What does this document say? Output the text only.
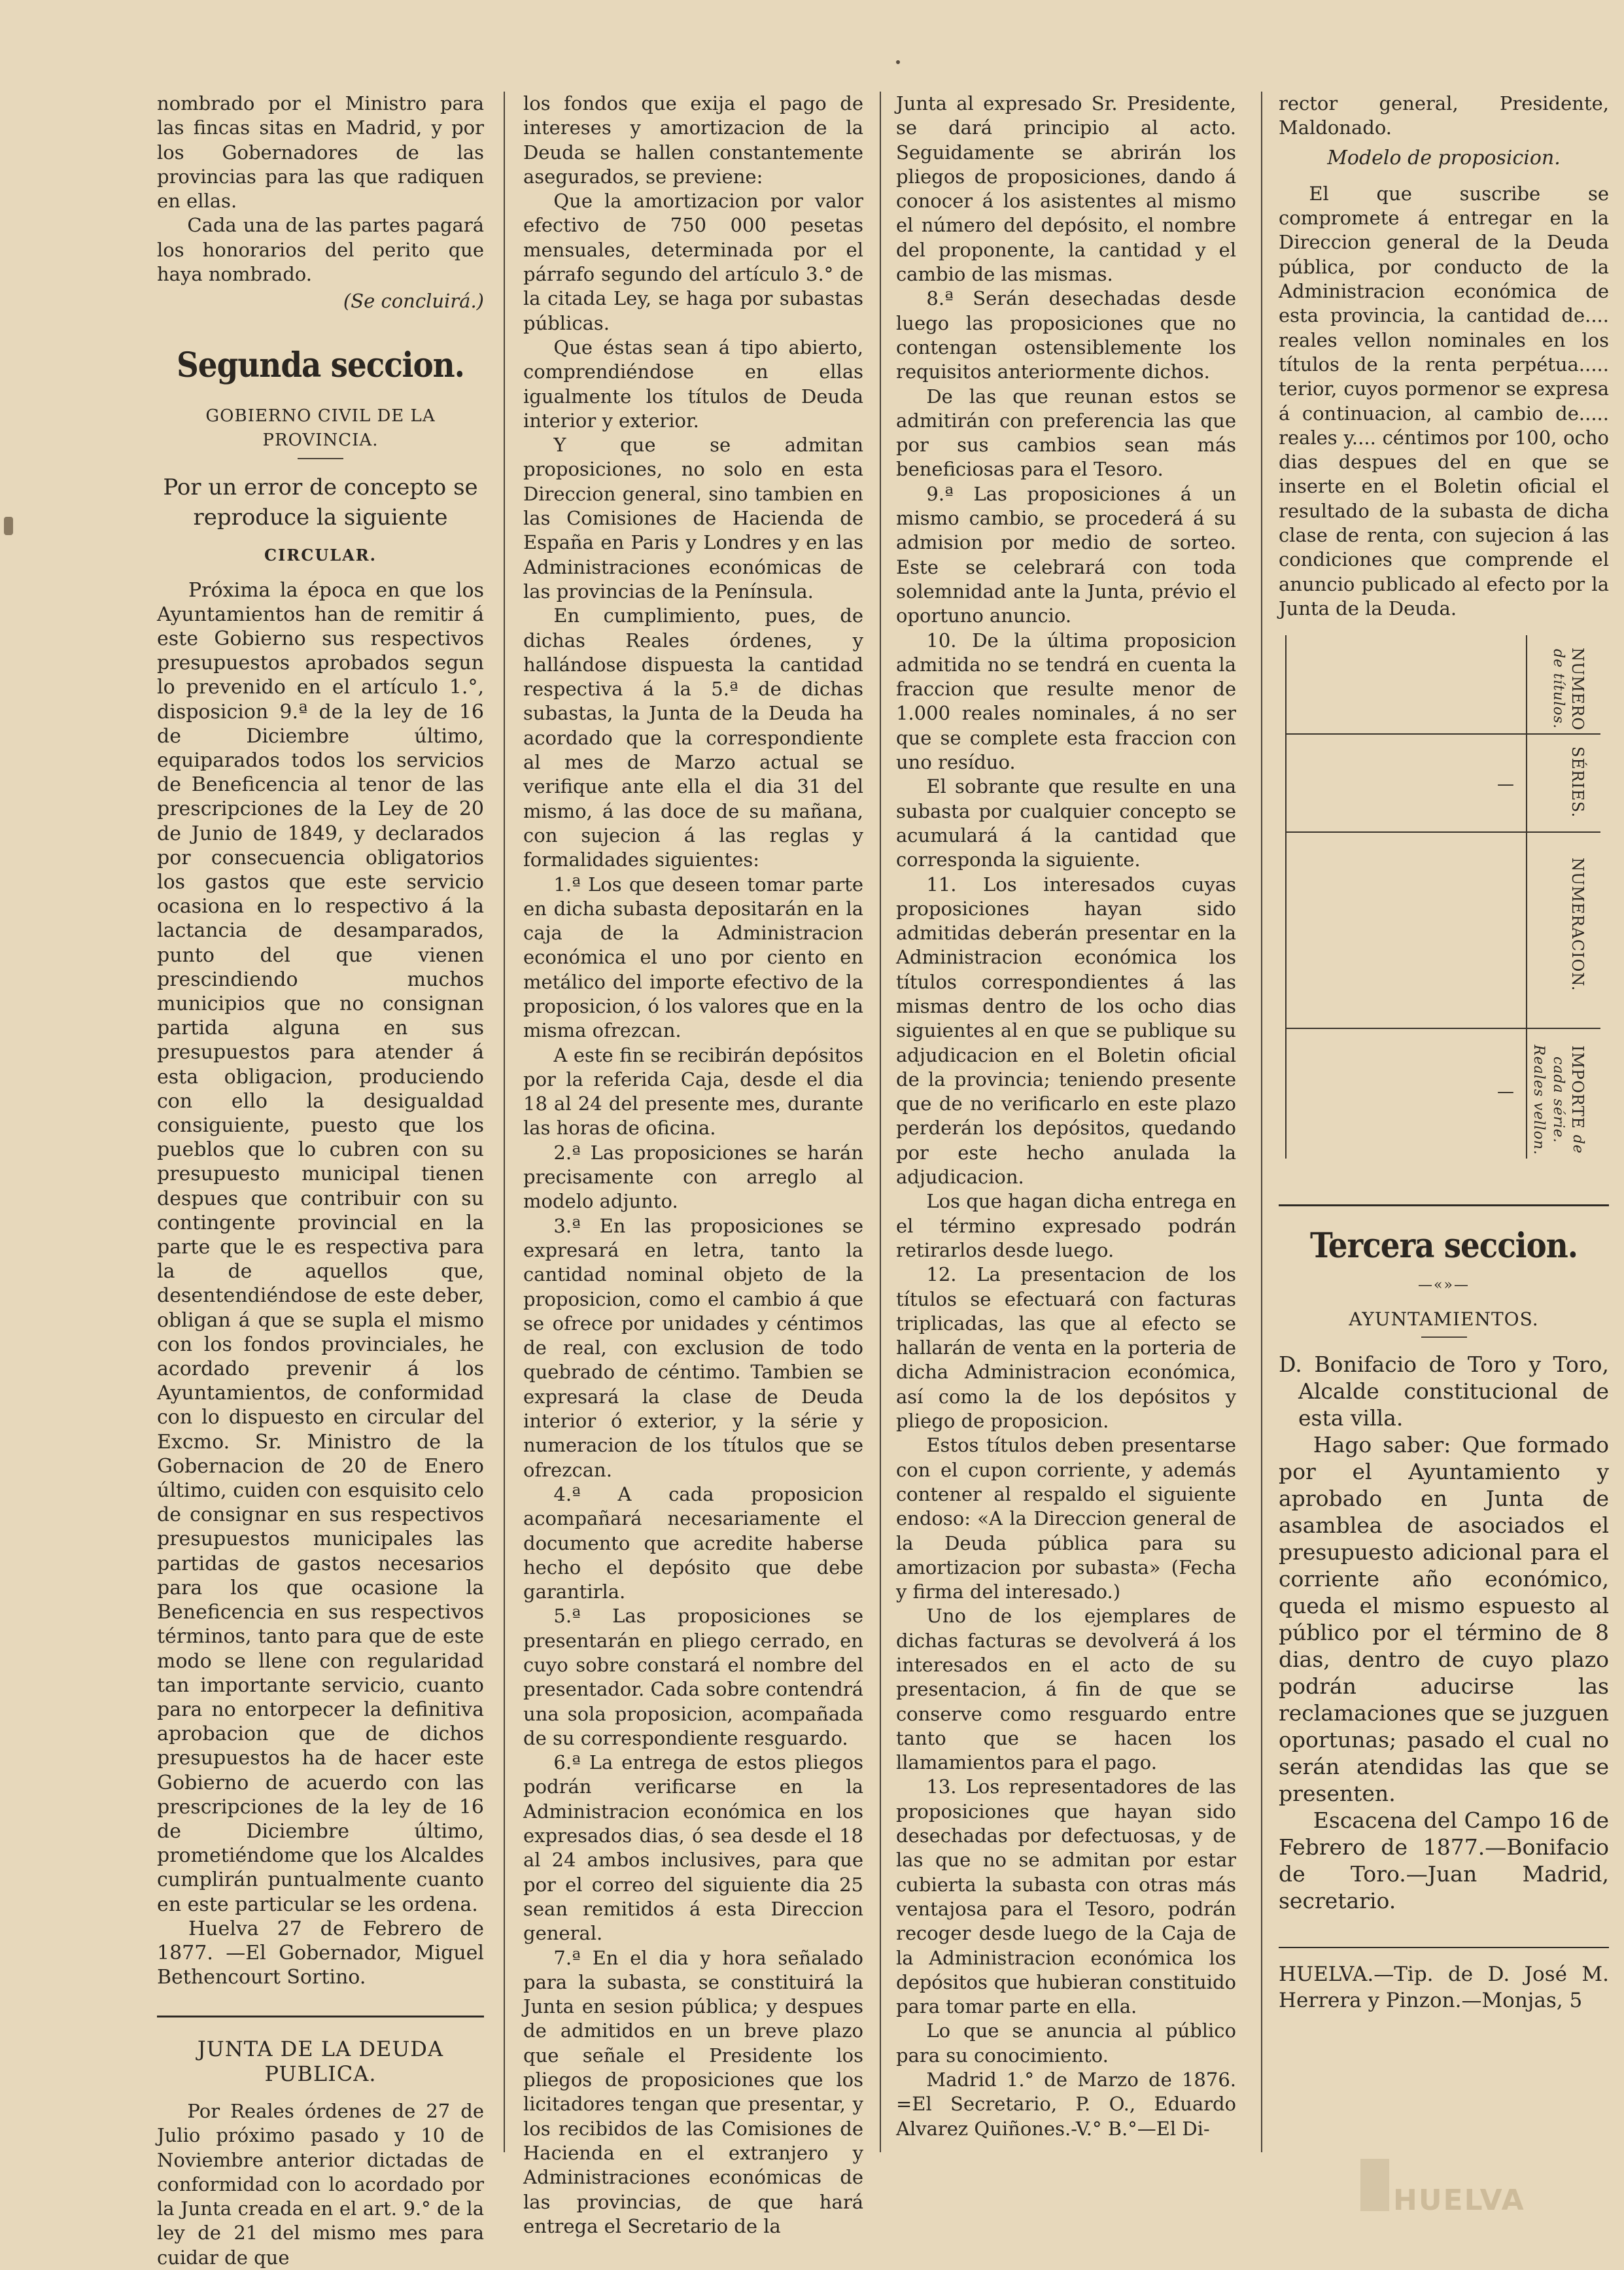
nombrado por el Ministro para las fincas sitas en Madrid, y por los Gobernadores de las provincias para las que radiquen en ellas.

Cada una de las partes pagará los honorarios del perito que haya nombrado.

(Se concluirá.)
Segunda seccion.
GOBIERNO CIVIL DE LA PROVINCIA.
Por un error de concepto se reproduce la siguiente
CIRCULAR.

Próxima la época en que los Ayuntamientos han de remitir á este Gobierno sus respectivos presupuestos aprobados segun lo prevenido en el artículo 1.°, disposicion 9.ª de la ley de 16 de Diciembre último, equiparados todos los servicios de Beneficencia al tenor de las prescripciones de la Ley de 20 de Junio de 1849, y declarados por consecuencia obligatorios los gastos que este servicio ocasiona en lo respectivo á la lactancia de desamparados, punto del que vienen prescindiendo muchos municipios que no consignan partida alguna en sus presupuestos para atender á esta obligacion, produciendo con ello la desigualdad consiguiente, puesto que los pueblos que lo cubren con su presupuesto municipal tienen despues que contribuir con su contingente provincial en la parte que le es respectiva para la de aquellos que, desentendiéndose de este deber, obligan á que se supla el mismo con los fondos provinciales, he acordado prevenir á los Ayuntamientos, de conformidad con lo dispuesto en circular del Excmo. Sr. Ministro de la Gobernacion de 20 de Enero último, cuiden con esquisito celo de consignar en sus respectivos presupuestos municipales las partidas de gastos necesarios para los que ocasione la Beneficencia en sus respectivos términos, tanto para que de este modo se llene con regularidad tan importante servicio, cuanto para no entorpecer la definitiva aprobacion que de dichos presupuestos ha de hacer este Gobierno de acuerdo con las prescripciones de la ley de 16 de Diciembre último, prometiéndome que los Alcaldes cumplirán puntualmente cuanto en este particular se les ordena.

Huelva 27 de Febrero de 1877. —El Gobernador, Miguel Bethencourt Sortino.

JUNTA DE LA DEUDA PUBLICA.

Por Reales órdenes de 27 de Julio próximo pasado y 10 de Noviembre anterior dictadas de conformidad con lo acordado por la Junta creada en el art. 9.° de la ley de 21 del mismo mes para cuidar de que

los fondos que exija el pago de intereses y amortizacion de la Deuda se hallen constantemente asegurados, se previene:

Que la amortizacion por valor efectivo de 750 000 pesetas mensuales, determinada por el párrafo segundo del artículo 3.° de la citada Ley, se haga por subastas públicas.

Que éstas sean á tipo abierto, comprendiéndose en ellas igualmente los títulos de Deuda interior y exterior.

Y que se admitan proposiciones, no solo en esta Direccion general, sino tambien en las Comisiones de Hacienda de España en Paris y Londres y en las Administraciones económicas de las provincias de la Península.

En cumplimiento, pues, de dichas Reales órdenes, y hallándose dispuesta la cantidad respectiva á la 5.ª de dichas subastas, la Junta de la Deuda ha acordado que la correspondiente al mes de Marzo actual se verifique ante ella el dia 31 del mismo, á las doce de su mañana, con sujecion á las reglas y formalidades siguientes:

1.ª Los que deseen tomar parte en dicha subasta depositarán en la caja de la Administracion económica el uno por ciento en metálico del importe efectivo de la proposicion, ó los valores que en la misma ofrezcan.

A este fin se recibirán depósitos por la referida Caja, desde el dia 18 al 24 del presente mes, durante las horas de oficina.

2.ª Las proposiciones se harán precisamente con arreglo al modelo adjunto.

3.ª En las proposiciones se expresará en letra, tanto la cantidad nominal objeto de la proposicion, como el cambio á que se ofrece por unidades y céntimos de real, con exclusion de todo quebrado de céntimo. Tambien se expresará la clase de Deuda interior ó exterior, y la série y numeracion de los títulos que se ofrezcan.

4.ª A cada proposicion acompañará necesariamente el documento que acredite haberse hecho el depósito que debe garantirla.

5.ª Las proposiciones se presentarán en pliego cerrado, en cuyo sobre constará el nombre del presentador. Cada sobre contendrá una sola proposicion, acompañada de su correspondiente resguardo.

6.ª La entrega de estos pliegos podrán verificarse en la Administracion económica en los expresados dias, ó sea desde el 18 al 24 ambos inclusives, para que por el correo del siguiente dia 25 sean remitidos á esta Direccion general.

7.ª En el dia y hora señalado para la subasta, se constituirá la Junta en sesion pública; y despues de admitidos en un breve plazo que señale el Presidente los pliegos de proposiciones que los licitadores tengan que presentar, y los recibidos de las Comisiones de Hacienda en el extranjero y Administraciones económicas de las provincias, de que hará entrega el Secretario de la

Junta al expresado Sr. Presidente, se dará principio al acto. Seguidamente se abrirán los pliegos de proposiciones, dando á conocer á los asistentes al mismo el número del depósito, el nombre del proponente, la cantidad y el cambio de las mismas.

8.ª Serán desechadas desde luego las proposiciones que no contengan ostensiblemente los requisitos anteriormente dichos.

De las que reunan estos se admitirán con preferencia las que por sus cambios sean más beneficiosas para el Tesoro.

9.ª Las proposiciones á un mismo cambio, se procederá á su admision por medio de sorteo. Este se celebrará con toda solemnidad ante la Junta, prévio el oportuno anuncio.

10. De la última proposicion admitida no se tendrá en cuenta la fraccion que resulte menor de 1.000 reales nominales, á no ser que se complete esta fraccion con uno resíduo.

El sobrante que resulte en una subasta por cualquier concepto se acumulará á la cantidad que corresponda la siguiente.

11. Los interesados cuyas proposiciones hayan sido admitidas deberán presentar en la Administracion económica los títulos correspondientes á las mismas dentro de los ocho dias siguientes al en que se publique su adjudicacion en el Boletin oficial de la provincia; teniendo presente que de no verificarlo en este plazo perderán los depósitos, quedando por este hecho anulada la adjudicacion.

Los que hagan dicha entrega en el término expresado podrán retirarlos desde luego.

12. La presentacion de los títulos se efectuará con facturas triplicadas, las que al efecto se hallarán de venta en la porteria de dicha Administracion económica, así como la de los depósitos y pliego de proposicion.

Estos títulos deben presentarse con el cupon corriente, y además contener al respaldo el siguiente endoso: «A la Direccion general de la Deuda pública para su amortizacion por subasta» (Fecha y firma del interesado.)

Uno de los ejemplares de dichas facturas se devolverá á los interesados en el acto de su presentacion, á fin de que se conserve como resguardo entre tanto que se hacen los llamamientos para el pago.

13. Los representadores de las proposiciones que hayan sido desechadas por defectuosas, y de las que no se admitan por estar cubierta la subasta con otras más ventajosa para el Tesoro, podrán recoger desde luego de la Caja de la Administracion económica los depósitos que hubieran constituido para tomar parte en ella.

Lo que se anuncia al público para su conocimiento.

Madrid 1.° de Marzo de 1876. =El Secretario, P. O., Eduardo Alvarez Quiñones.-V.° B.°—El Di-

rector general, Presidente, Maldonado.

Modelo de proposicion.

El que suscribe se compromete á entregar en la Direccion general de la Deuda pública, por conducto de la Administracion económica de esta provincia, la cantidad de.... reales vellon nominales en los títulos de la renta perpétua..... terior, cuyos pormenor se expresa á continuacion, al cambio de..... reales y.... céntimos por 100, ocho dias despues del en que se inserte en el Boletin oficial el resultado de la subasta de dicha clase de renta, con sujecion á las condiciones que comprende el anuncio publicado al efecto por la Junta de la Deuda.

NUMERO de títulos.
SÉRIES.
—
NUMERACION.
IMPORTE de cada série. Reales vellon.
—
Tercera seccion.
—«»—
AYUNTAMIENTOS.
D. Bonifacio de Toro y Toro, Alcalde constitucional de esta villa.

Hago saber: Que formado por el Ayuntamiento y aprobado en Junta de asamblea de asociados el presupuesto adicional para el corriente año económico, queda el mismo espuesto al público por el término de 8 dias, dentro de cuyo plazo podrán aducirse las reclamaciones que se juzguen oportunas; pasado el cual no serán atendidas las que se presenten.

Escacena del Campo 16 de Febrero de 1877.—Bonifacio de Toro.—Juan Madrid, secretario.

HUELVA.—Tip. de D. José M. Herrera y Pinzon.—Monjas, 5

HUELVA
